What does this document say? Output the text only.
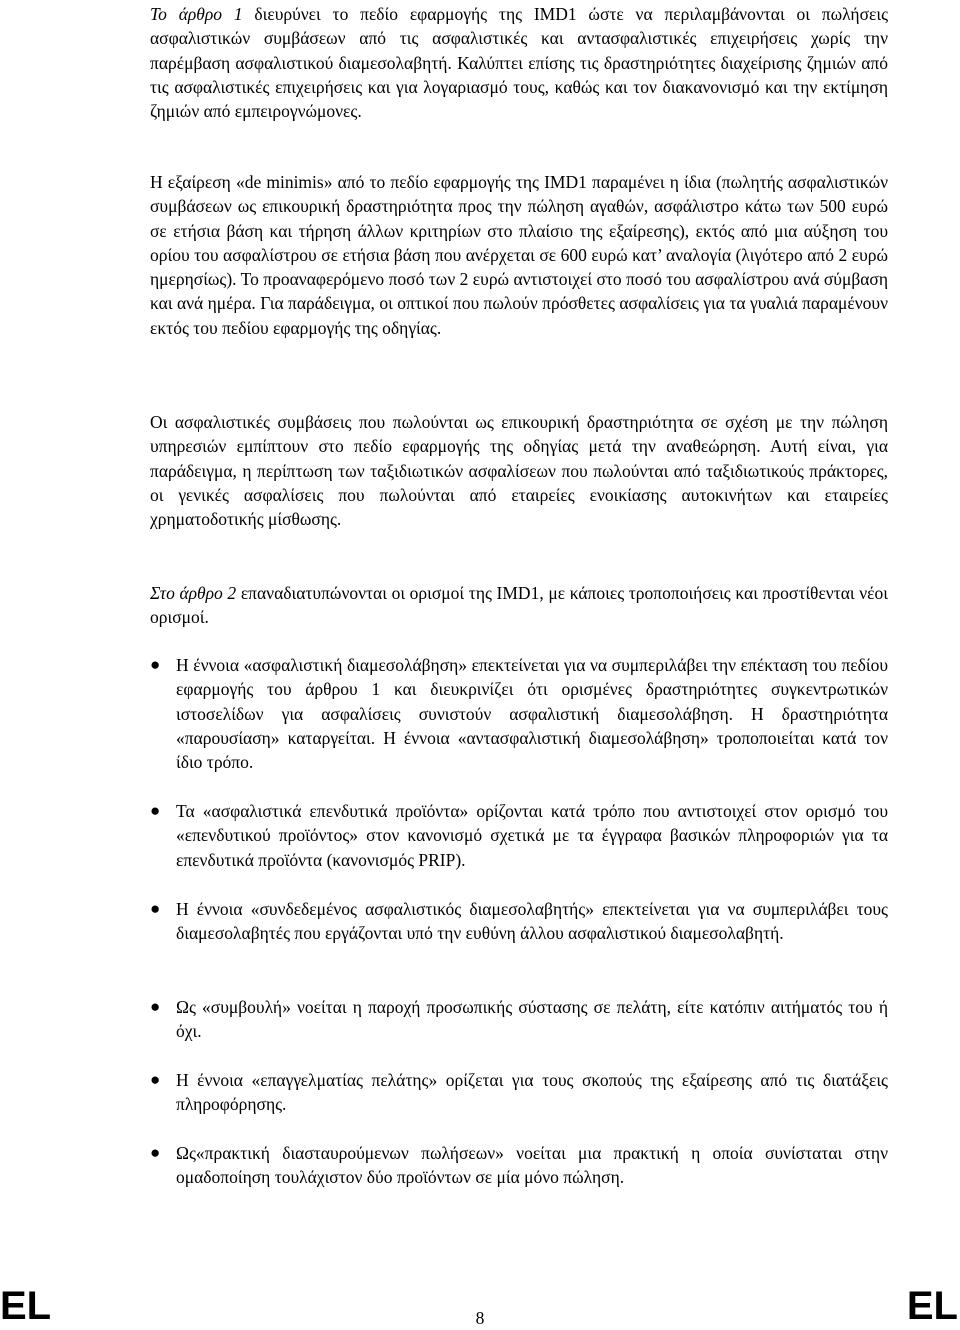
Το άρθρο 1 διευρύνει το πεδίο εφαρμογής της IMD1 ώστε να περιλαμβάνονται οι πωλήσεις ασφαλιστικών συμβάσεων από τις ασφαλιστικές και αντασφαλιστικές επιχειρήσεις χωρίς την παρέμβαση ασφαλιστικού διαμεσολαβητή. Καλύπτει επίσης τις δραστηριότητες διαχείρισης ζημιών από τις ασφαλιστικές επιχειρήσεις και για λογαριασμό τους, καθώς και τον διακανονισμό και την εκτίμηση ζημιών από εμπειρογνώμονες.

Η εξαίρεση «de minimis» από το πεδίο εφαρμογής της IMD1 παραμένει η ίδια (πωλητής ασφαλιστικών συμβάσεων ως επικουρική δραστηριότητα προς την πώληση αγαθών, ασφάλιστρο κάτω των 500 ευρώ σε ετήσια βάση και τήρηση άλλων κριτηρίων στο πλαίσιο της εξαίρεσης), εκτός από μια αύξηση του ορίου του ασφαλίστρου σε ετήσια βάση που ανέρχεται σε 600 ευρώ κατ’ αναλογία (λιγότερο από 2 ευρώ ημερησίως). Το προαναφερόμενο ποσό των 2 ευρώ αντιστοιχεί στο ποσό του ασφαλίστρου ανά σύμβαση και ανά ημέρα. Για παράδειγμα, οι οπτικοί που πωλούν πρόσθετες ασφαλίσεις για τα γυαλιά παραμένουν εκτός του πεδίου εφαρμογής της οδηγίας.

Οι ασφαλιστικές συμβάσεις που πωλούνται ως επικουρική δραστηριότητα σε σχέση με την πώληση υπηρεσιών εμπίπτουν στο πεδίο εφαρμογής της οδηγίας μετά την αναθεώρηση. Αυτή είναι, για παράδειγμα, η περίπτωση των ταξιδιωτικών ασφαλίσεων που πωλούνται από ταξιδιωτικούς πράκτορες, οι γενικές ασφαλίσεις που πωλούνται από εταιρείες ενοικίασης αυτοκινήτων και εταιρείες χρηματοδοτικής μίσθωσης.

Στο άρθρο 2 επαναδιατυπώνονται οι ορισμοί της IMD1, με κάποιες τροποποιήσεις και προστίθενται νέοι ορισμοί.

● Η έννοια «ασφαλιστική διαμεσολάβηση» επεκτείνεται για να συμπεριλάβει την επέκταση του πεδίου εφαρμογής του άρθρου 1 και διευκρινίζει ότι ορισμένες δραστηριότητες συγκεντρωτικών ιστοσελίδων για ασφαλίσεις συνιστούν ασφαλιστική διαμεσολάβηση. Η δραστηριότητα «παρουσίαση» καταργείται. Η έννοια «αντασφαλιστική διαμεσολάβηση» τροποποιείται κατά τον ίδιο τρόπο.
● Τα «ασφαλιστικά επενδυτικά προϊόντα» ορίζονται κατά τρόπο που αντιστοιχεί στον ορισμό του «επενδυτικού προϊόντος» στον κανονισμό σχετικά με τα έγγραφα βασικών πληροφοριών για τα επενδυτικά προϊόντα (κανονισμός PRIP).
● Η έννοια «συνδεδεμένος ασφαλιστικός διαμεσολαβητής» επεκτείνεται για να συμπεριλάβει τους διαμεσολαβητές που εργάζονται υπό την ευθύνη άλλου ασφαλιστικού διαμεσολαβητή.
● Ως «συμβουλή» νοείται η παροχή προσωπικής σύστασης σε πελάτη, είτε κατόπιν αιτήματός του ή όχι.
● Η έννοια «επαγγελματίας πελάτης» ορίζεται για τους σκοπούς της εξαίρεσης από τις διατάξεις πληροφόρησης.
● Ως«πρακτική διασταυρούμενων πωλήσεων» νοείται μια πρακτική η οποία συνίσταται στην ομαδοποίηση τουλάχιστον δύο προϊόντων σε μία μόνο πώληση.
EL	8	EL
